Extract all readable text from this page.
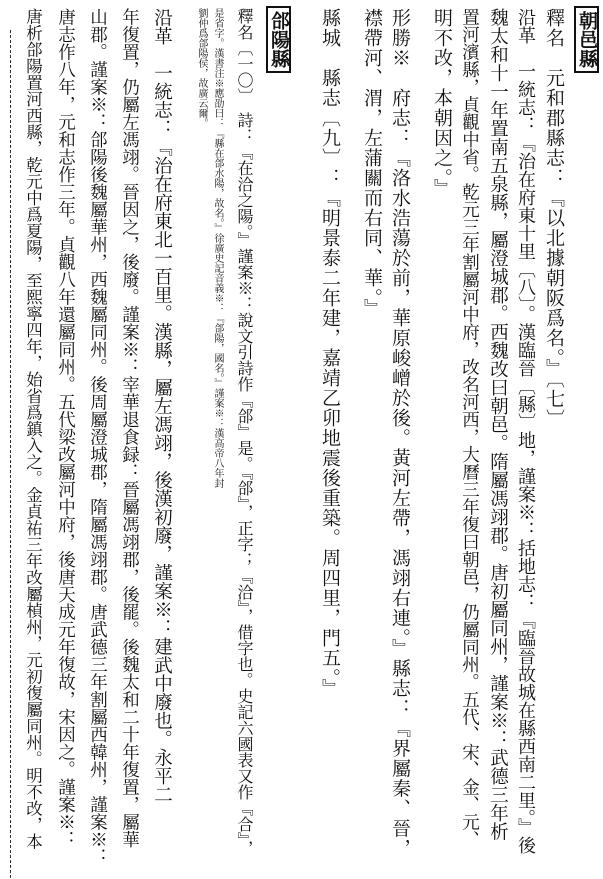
朝邑縣
釋名　元和郡縣志：『以北據朝阪爲名。』〔七〕
沿革　一統志：『治在府東十里〔八〕。漢臨晉〔縣〕地，謹案※：括地志：『臨晉故城在縣西南二里。』後
魏太和十一年置南五泉縣，屬澄城郡。西魏改曰朝邑。隋屬馮翊郡。唐初屬同州，謹案※：武德三年析
置河濱縣，貞觀中省。乾元三年割屬河中府，改名河西，大曆三年復曰朝邑，仍屬同州。五代、宋、金、元、
明不改，本朝因之。』
形勝※　府志：『洛水浩蕩於前，華原峻嶒於後。黃河左帶，馮翊右連。』縣志：『界屬秦、晉，
襟帶河、渭，左蒲關而右同、華。』
縣城　縣志〔九〕：『明景泰二年建，嘉靖乙卯地震後重築。周四里，門五。』
郃陽縣
釋名〔一〇〕　詩：『在洽之陽。』謹案※：說文引詩作『郃』是。『郃』，正字；『洽』，借字也。史記六國表又作『合』，
是省字。漢書注※應劭曰：『縣在郃水陽，故名。』徐廣史記音義※：『郃陽，國名。』謹案※：漢高帝八年封
劉仲爲郃陽侯，故廣云爾。
沿革　一統志：『治在府東北一百里。漢縣，屬左馮翊，後漢初廢，謹案※：建武中廢也。永平二
年復置，仍屬左馮翊。晉因之，後廢。謹案※：宰華退食録：晉屬馮翊郡，後罷。後魏太和二十年復置，屬華
山郡。謹案※：郃陽後魏屬華州，西魏屬同州。後周屬澄城郡，隋屬馮翊郡。唐武德三年割屬西韓州，謹案※：
唐志作八年，元和志作三年。貞觀八年還屬同州。五代梁改屬河中府，後唐天成元年復故，宋因之。謹案※：
唐析郃陽置河西縣，乾元中爲夏陽，至熙寧四年，始省爲鎮入之。金貞祐三年改屬楨州，元初復屬同州。明不改，本
